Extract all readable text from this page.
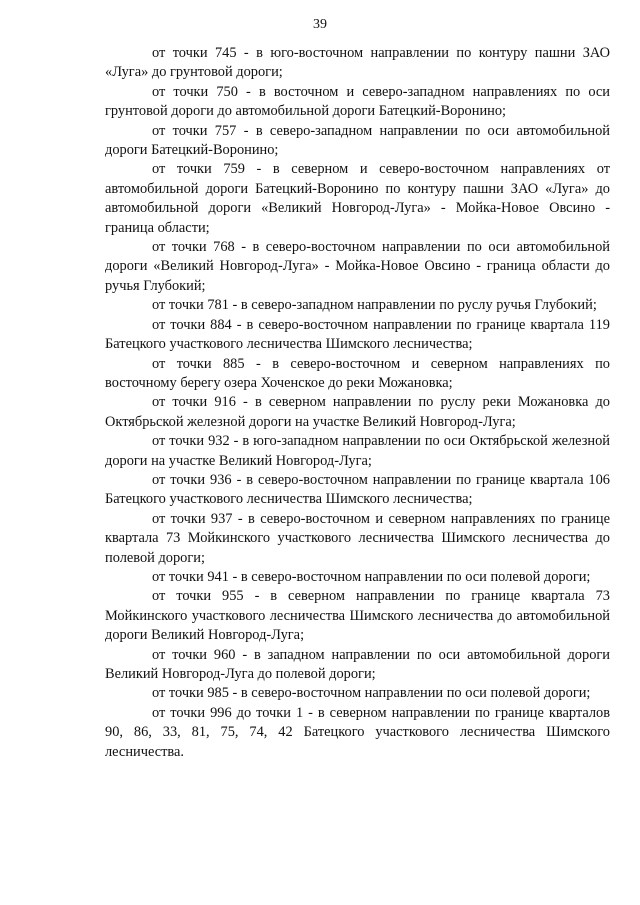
39

от точки 745 - в юго-восточном направлении по контуру пашни ЗАО «Луга» до грунтовой дороги;

от точки 750 - в восточном и северо-западном направлениях по оси грунтовой дороги до автомобильной дороги Батецкий-Воронино;

от точки 757 - в северо-западном направлении по оси автомобильной дороги Батецкий-Воронино;

от точки 759 - в северном и северо-восточном направлениях от автомобильной дороги Батецкий-Воронино по контуру пашни ЗАО «Луга» до автомобильной дороги «Великий Новгород-Луга» - Мойка-Новое Овсино - граница области;

от точки 768 - в северо-восточном направлении по оси автомобильной дороги «Великий Новгород-Луга» - Мойка-Новое Овсино - граница области до ручья Глубокий;

от точки 781 - в северо-западном направлении по руслу ручья Глубокий;

от точки 884 - в северо-восточном направлении по границе квартала 119 Батецкого участкового лесничества Шимского лесничества;

от точки 885 - в северо-восточном и северном направлениях по восточному берегу озера Хоченское до реки Можановка;

от точки 916 - в северном направлении по руслу реки Можановка до Октябрьской железной дороги на участке Великий Новгород-Луга;

от точки 932 - в юго-западном направлении по оси Октябрьской железной дороги на участке Великий Новгород-Луга;

от точки 936 - в северо-восточном направлении по границе квартала 106 Батецкого участкового лесничества Шимского лесничества;

от точки 937 - в северо-восточном и северном направлениях по границе квартала 73 Мойкинского участкового лесничества Шимского лесничества до полевой дороги;

от точки 941 - в северо-восточном направлении по оси полевой дороги;

от точки 955 - в северном направлении по границе квартала 73 Мойкинского участкового лесничества Шимского лесничества до автомобильной дороги Великий Новгород-Луга;

от точки 960 - в западном направлении по оси автомобильной дороги Великий Новгород-Луга до полевой дороги;

от точки 985 - в северо-восточном направлении по оси полевой дороги;

от точки 996 до точки 1 - в северном направлении по границе кварталов 90, 86, 33, 81, 75, 74, 42 Батецкого участкового лесничества Шимского лесничества.
